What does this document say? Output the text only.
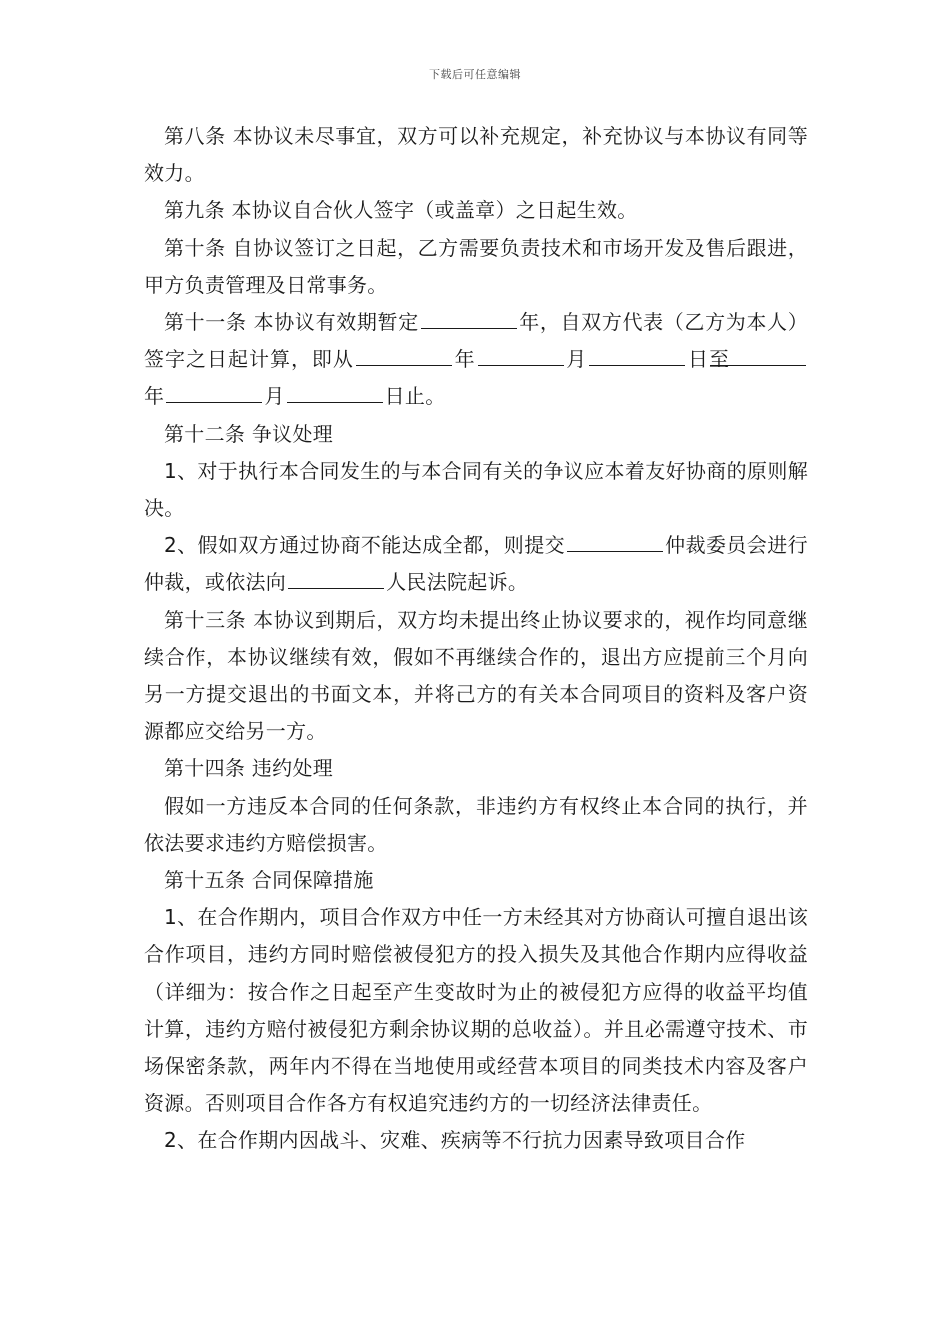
下载后可任意编辑

第八条 本协议未尽事宜，双方可以补充规定，补充协议与本协议有同等效力。

第九条 本协议自合伙人签字（或盖章）之日起生效。

第十条 自协议签订之日起，乙方需要负责技术和市场开发及售后跟进，甲方负责管理及日常事务。

第十一条 本协议有效期暂定	年，自双方代表（乙方为本人）签字之日起计算，即从	年	月	日至年	月	日止。

第十二条 争议处理

1、对于执行本合同发生的与本合同有关的争议应本着友好协商的原则解决。

2、假如双方通过协商不能达成全都，则提交	仲裁委员会进行仲裁，或依法向	人民法院起诉。

第十三条 本协议到期后，双方均未提出终止协议要求的，视作均同意继续合作，本协议继续有效，假如不再继续合作的，退出方应提前三个月向另一方提交退出的书面文本，并将己方的有关本合同项目的资料及客户资源都应交给另一方。

第十四条 违约处理

假如一方违反本合同的任何条款，非违约方有权终止本合同的执行，并依法要求违约方赔偿损害。

第十五条 合同保障措施

1、在合作期内，项目合作双方中任一方未经其对方协商认可擅自退出该合作项目，违约方同时赔偿被侵犯方的投入损失及其他合作期内应得收益（详细为：按合作之日起至产生变故时为止的被侵犯方应得的收益平均值计算，违约方赔付被侵犯方剩余协议期的总收益）。并且必需遵守技术、市场保密条款，两年内不得在当地使用或经营本项目的同类技术内容及客户资源。否则项目合作各方有权追究违约方的一切经济法律责任。

2、在合作期内因战斗、灾难、疾病等不行抗力因素导致项目合作
